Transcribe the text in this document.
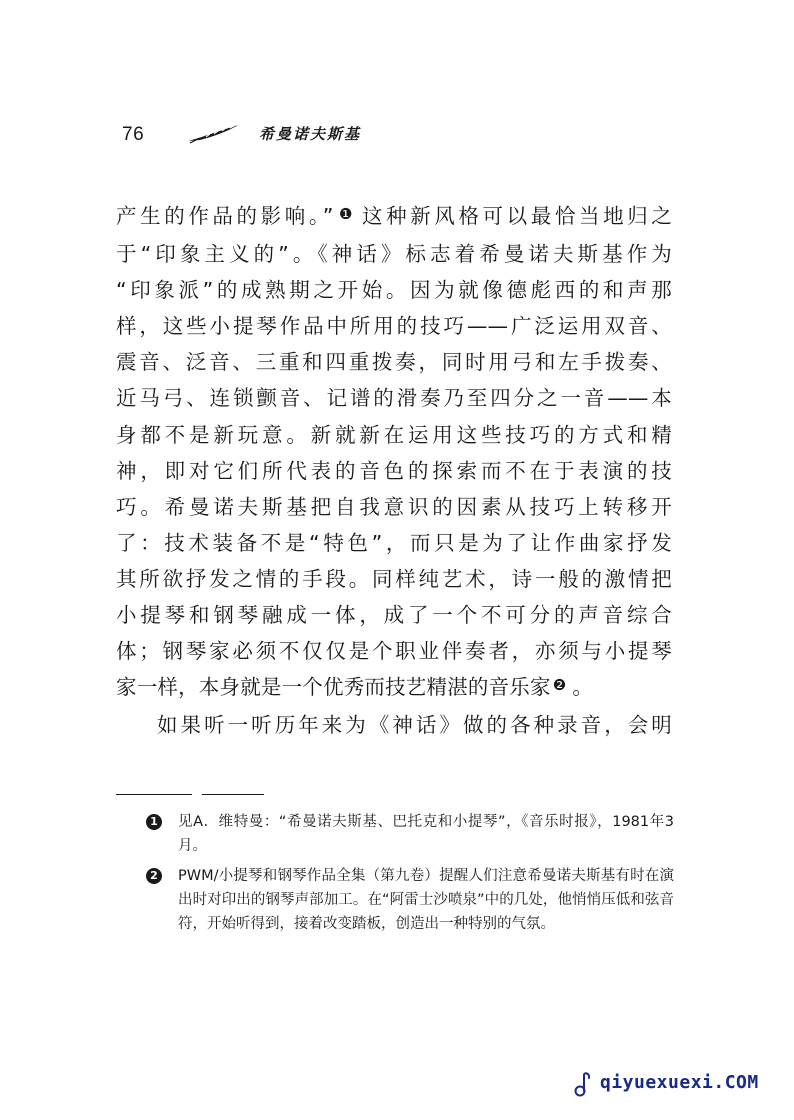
76	希曼诺夫斯基

产生的作品的影响。” ❶ 这种新风格可以最恰当地归之

于“印象主义的”。《神话》标志着希曼诺夫斯基作为

“印象派”的成熟期之开始。因为就像德彪西的和声那

样，这些小提琴作品中所用的技巧——广泛运用双音、

震音、泛音、三重和四重拨奏，同时用弓和左手拨奏、

近马弓、连锁颤音、记谱的滑奏乃至四分之一音——本

身都不是新玩意。新就新在运用这些技巧的方式和精

神，即对它们所代表的音色的探索而不在于表演的技

巧。希曼诺夫斯基把自我意识的因素从技巧上转移开

了：技术装备不是“特色”，而只是为了让作曲家抒发

其所欲抒发之情的手段。同样纯艺术，诗一般的激情把

小提琴和钢琴融成一体，成了一个不可分的声音综合

体；钢琴家必须不仅仅是个职业伴奏者，亦须与小提琴

家一样，本身就是一个优秀而技艺精湛的音乐家 ❷ 。

如果听一听历年来为《神话》做的各种录音，会明

1 见A．维特曼：“希曼诺夫斯基、巴托克和小提琴”，《音乐时报》，1981年3月。
2 PWM/小提琴和钢琴作品全集（第九卷）提醒人们注意希曼诺夫斯基有时在演出时对印出的钢琴声部加工。在“阿雷士沙喷泉”中的几处，他悄悄压低和弦音符，开始听得到，接着改变踏板，创造出一种特别的气氛。
qiyuexuexi.COM
